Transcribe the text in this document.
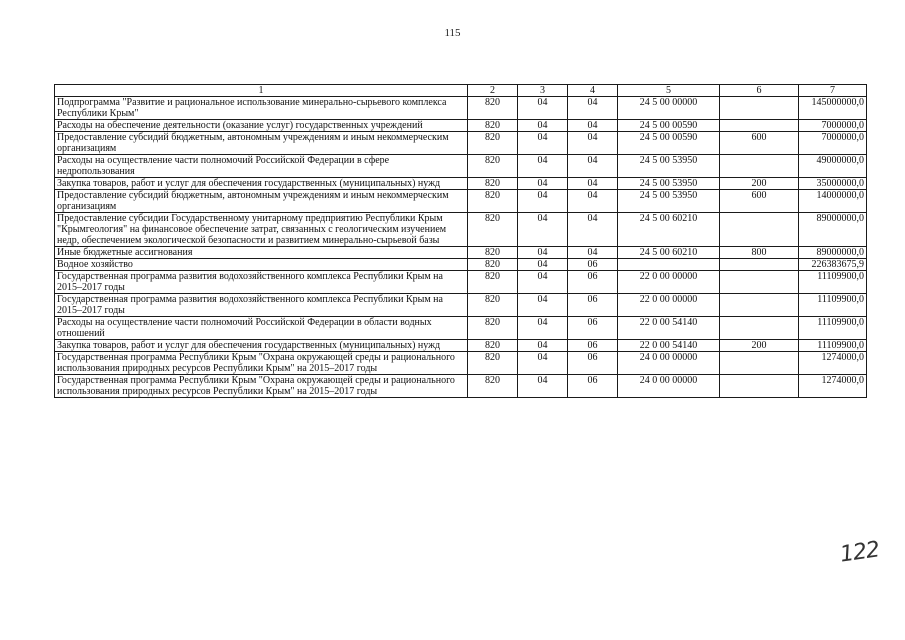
115
1	2	3	4	5	6	7
Подпрограмма "Развитие и рациональное использование минерально-сырьевого комплекса Республики Крым"	820	04	04	24 5 00 00000		145000000,0
Расходы на обеспечение деятельности (оказание услуг) государственных учреждений	820	04	04	24 5 00 00590		7000000,0
Предоставление субсидий бюджетным, автономным учреждениям и иным некоммерческим организациям	820	04	04	24 5 00 00590	600	7000000,0
Расходы на осуществление части полномочий Российской Федерации в сфере недропользования	820	04	04	24 5 00 53950		49000000,0
Закупка товаров, работ и услуг для обеспечения государственных (муниципальных) нужд	820	04	04	24 5 00 53950	200	35000000,0
Предоставление субсидий бюджетным, автономным учреждениям и иным некоммерческим организациям	820	04	04	24 5 00 53950	600	14000000,0
Предоставление субсидии Государственному унитарному предприятию Республики Крым "Крымгеология" на финансовое обеспечение затрат, связанных с геологическим изучением недр, обеспечением экологической безопасности и развитием минерально-сырьевой базы	820	04	04	24 5 00 60210		89000000,0
Иные бюджетные ассигнования	820	04	04	24 5 00 60210	800	89000000,0
Водное хозяйство	820	04	06			226383675,9
Государственная программа развития водохозяйственного комплекса Республики Крым на 2015–2017 годы	820	04	06	22 0 00 00000		11109900,0
Государственная программа развития водохозяйственного комплекса Республики Крым на 2015–2017 годы	820	04	06	22 0 00 00000		11109900,0
Расходы на осуществление части полномочий Российской Федерации в области водных отношений	820	04	06	22 0 00 54140		11109900,0
Закупка товаров, работ и услуг для обеспечения государственных (муниципальных) нужд	820	04	06	22 0 00 54140	200	11109900,0
Государственная программа Республики Крым "Охрана окружающей среды и рационального использования природных ресурсов Республики Крым" на 2015–2017 годы	820	04	06	24 0 00 00000		1274000,0
Государственная программа Республики Крым "Охрана окружающей среды и рационального использования природных ресурсов Республики Крым" на 2015–2017 годы	820	04	06	24 0 00 00000		1274000,0
122
